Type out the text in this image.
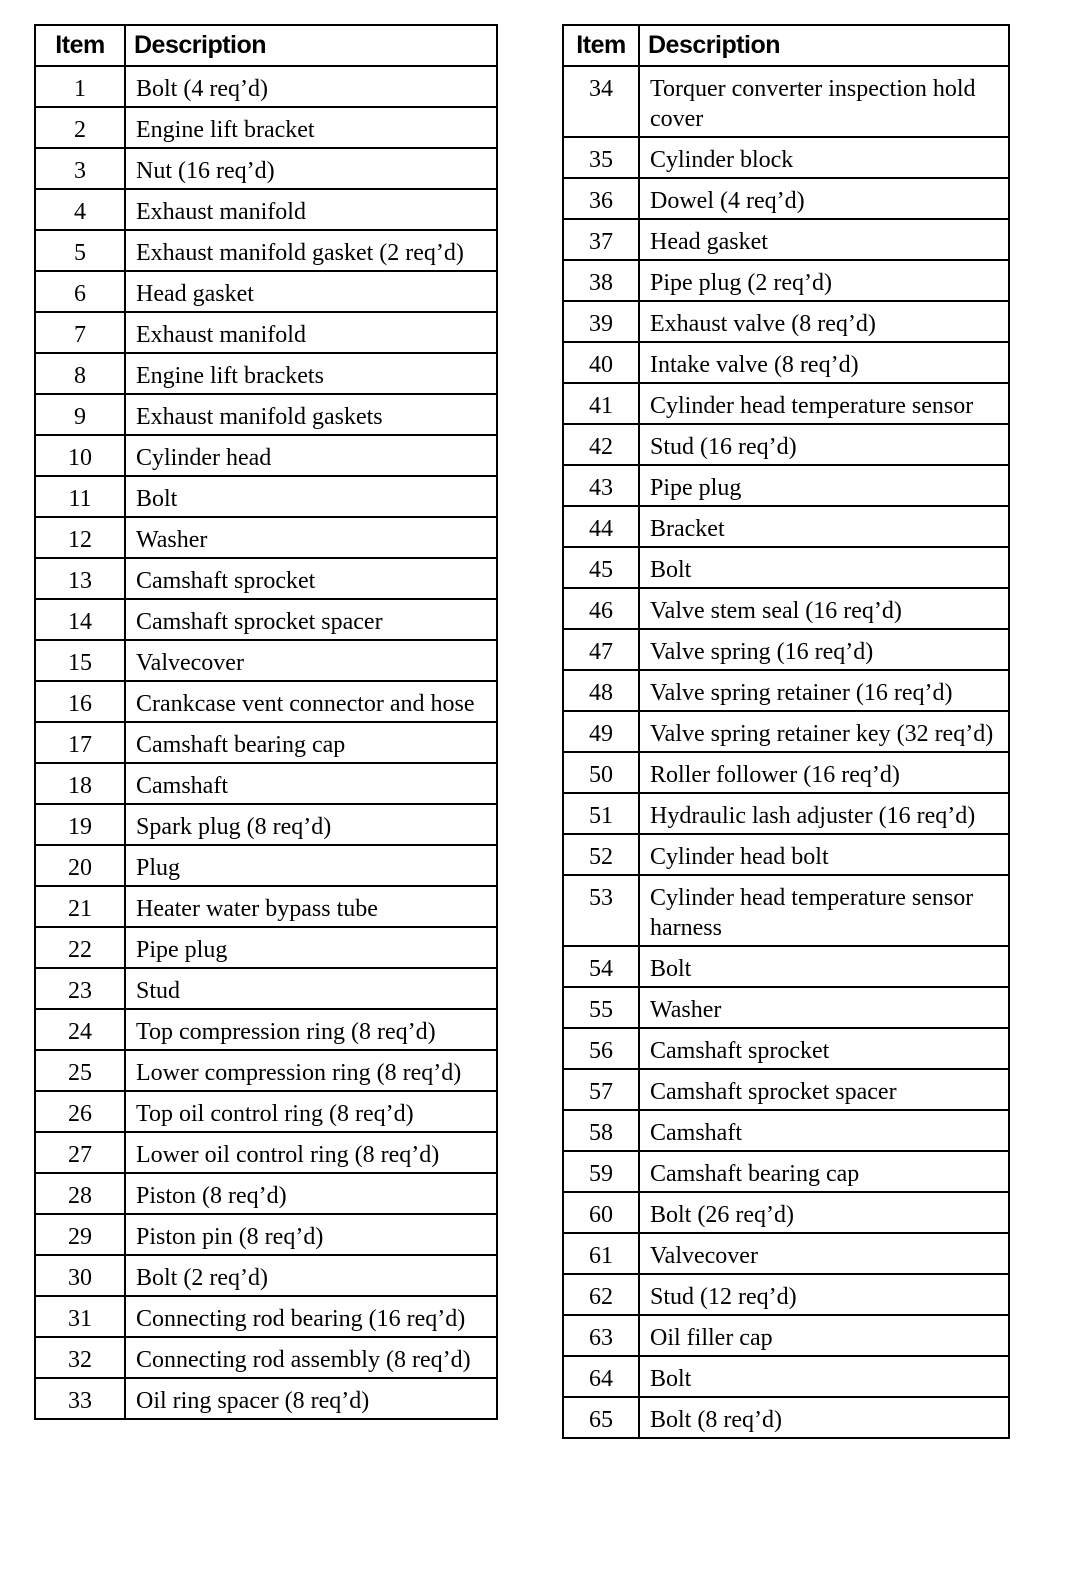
Item	Description
1	Bolt (4 req’d)
2	Engine lift bracket
3	Nut (16 req’d)
4	Exhaust manifold
5	Exhaust manifold gasket (2 req’d)
6	Head gasket
7	Exhaust manifold
8	Engine lift brackets
9	Exhaust manifold gaskets
10	Cylinder head
11	Bolt
12	Washer
13	Camshaft sprocket
14	Camshaft sprocket spacer
15	Valvecover
16	Crankcase vent connector and hose
17	Camshaft bearing cap
18	Camshaft
19	Spark plug (8 req’d)
20	Plug
21	Heater water bypass tube
22	Pipe plug
23	Stud
24	Top compression ring (8 req’d)
25	Lower compression ring (8 req’d)
26	Top oil control ring (8 req’d)
27	Lower oil control ring (8 req’d)
28	Piston (8 req’d)
29	Piston pin (8 req’d)
30	Bolt (2 req’d)
31	Connecting rod bearing (16 req’d)
32	Connecting rod assembly (8 req’d)
33	Oil ring spacer (8 req’d)
Item	Description
34	Torquer converter inspection hold cover
35	Cylinder block
36	Dowel (4 req’d)
37	Head gasket
38	Pipe plug (2 req’d)
39	Exhaust valve (8 req’d)
40	Intake valve (8 req’d)
41	Cylinder head temperature sensor
42	Stud (16 req’d)
43	Pipe plug
44	Bracket
45	Bolt
46	Valve stem seal (16 req’d)
47	Valve spring (16 req’d)
48	Valve spring retainer (16 req’d)
49	Valve spring retainer key (32 req’d)
50	Roller follower (16 req’d)
51	Hydraulic lash adjuster (16 req’d)
52	Cylinder head bolt
53	Cylinder head temperature sensor harness
54	Bolt
55	Washer
56	Camshaft sprocket
57	Camshaft sprocket spacer
58	Camshaft
59	Camshaft bearing cap
60	Bolt (26 req’d)
61	Valvecover
62	Stud (12 req’d)
63	Oil filler cap
64	Bolt
65	Bolt (8 req’d)
